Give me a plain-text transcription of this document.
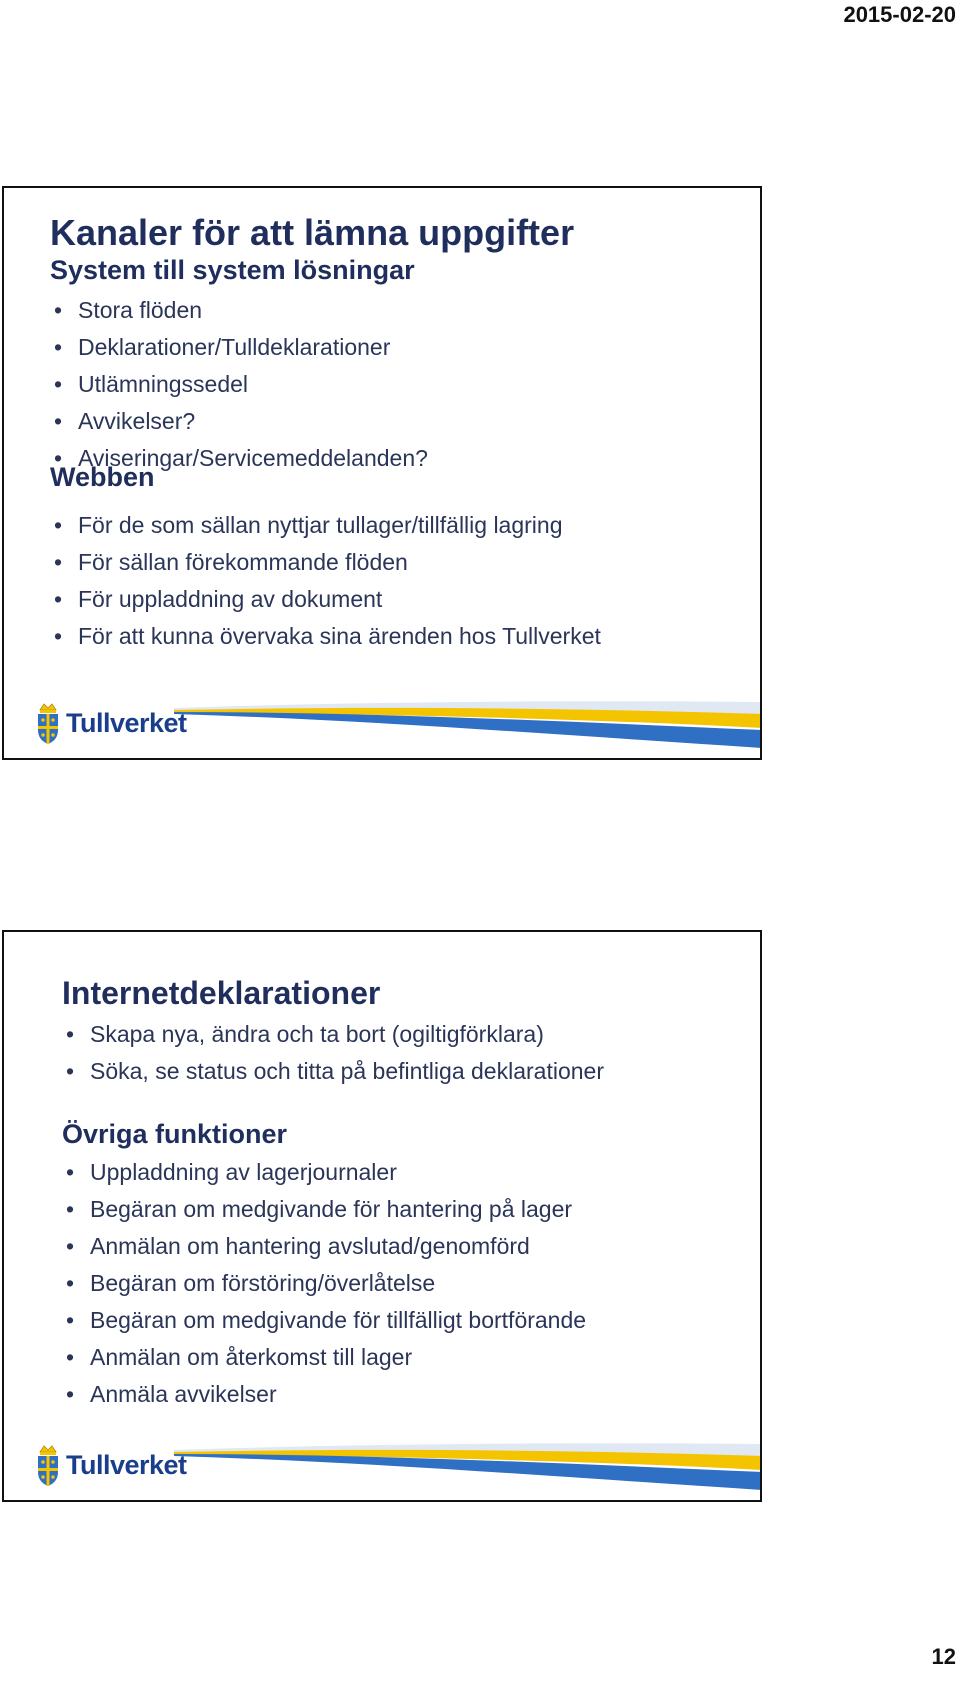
2015-02-20
Kanaler för att lämna uppgifter
System till system lösningar
• Stora flöden
• Deklarationer/Tulldeklarationer
• Utlämningssedel
• Avvikelser?
• Aviseringar/Servicemeddelanden?
Webben
• För de som sällan nyttjar tullager/tillfällig lagring
• För sällan förekommande flöden
• För uppladdning av dokument
• För att kunna övervaka sina ärenden hos Tullverket
Tullverket
Internetdeklarationer
• Skapa nya, ändra och ta bort (ogiltigförklara)
• Söka, se status och titta på befintliga deklarationer
Övriga funktioner
• Uppladdning av lagerjournaler
• Begäran om medgivande för hantering på lager
• Anmälan om hantering avslutad/genomförd
• Begäran om förstöring/överlåtelse
• Begäran om medgivande för tillfälligt bortförande
• Anmälan om återkomst till lager
• Anmäla avvikelser
Tullverket
12
